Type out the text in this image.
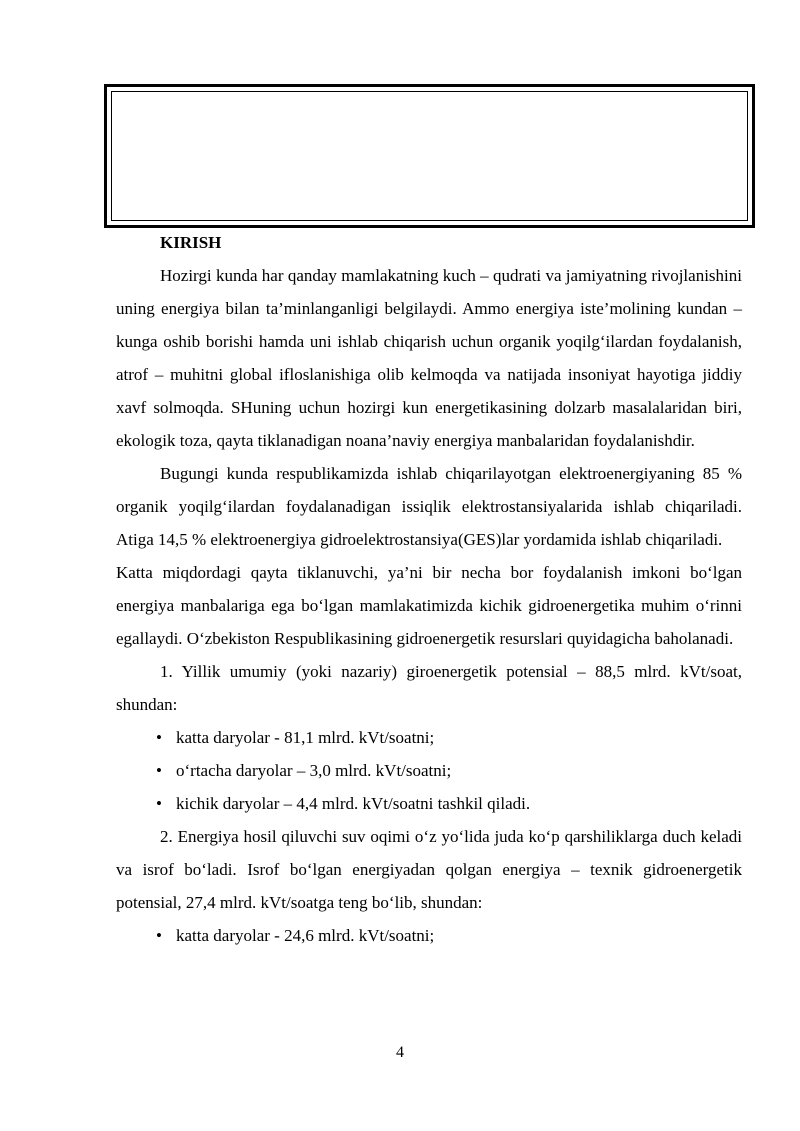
KIRISH

Hozirgi kunda har qanday mamlakatning kuch – qudrati va jamiyatning rivojlanishini uning energiya bilan ta’minlanganligi belgilaydi. Ammo energiya iste’molining kundan – kunga oshib borishi hamda uni ishlab chiqarish uchun organik yoqilg‘ilardan foydalanish, atrof – muhitni global ifloslanishiga olib kelmoqda va natijada insoniyat hayotiga jiddiy xavf solmoqda. SHuning uchun hozirgi kun energetikasining dolzarb masalalaridan biri, ekologik toza, qayta tiklanadigan noana’naviy energiya manbalaridan foydalanishdir.

Bugungi kunda respublikamizda ishlab chiqarilayotgan elektroenergiyaning 85 % organik yoqilg‘ilardan foydalanadigan issiqlik elektrostansiyalarida ishlab chiqariladi. Atiga 14,5 % elektroenergiya gidroelektrostansiya(GES)lar yordamida ishlab chiqariladi.

Katta miqdordagi qayta tiklanuvchi, ya’ni bir necha bor foydalanish imkoni bo‘lgan energiya manbalariga ega bo‘lgan mamlakatimizda kichik gidroenergetika muhim o‘rinni egallaydi. O‘zbekiston Respublikasining gidroenergetik resurslari quyidagicha baholanadi.

1. Yillik umumiy (yoki nazariy) giroenergetik potensial – 88,5 mlrd. kVt/soat, shundan:

• katta daryolar - 81,1 mlrd. kVt/soatni;
• o‘rtacha daryolar – 3,0 mlrd. kVt/soatni;
• kichik daryolar – 4,4 mlrd. kVt/soatni tashkil qiladi.

2. Energiya hosil qiluvchi suv oqimi o‘z yo‘lida juda ko‘p qarshiliklarga duch keladi va isrof bo‘ladi. Isrof bo‘lgan energiyadan qolgan energiya – texnik gidroenergetik potensial, 27,4 mlrd. kVt/soatga teng bo‘lib, shundan:

• katta daryolar - 24,6 mlrd. kVt/soatni;
4
